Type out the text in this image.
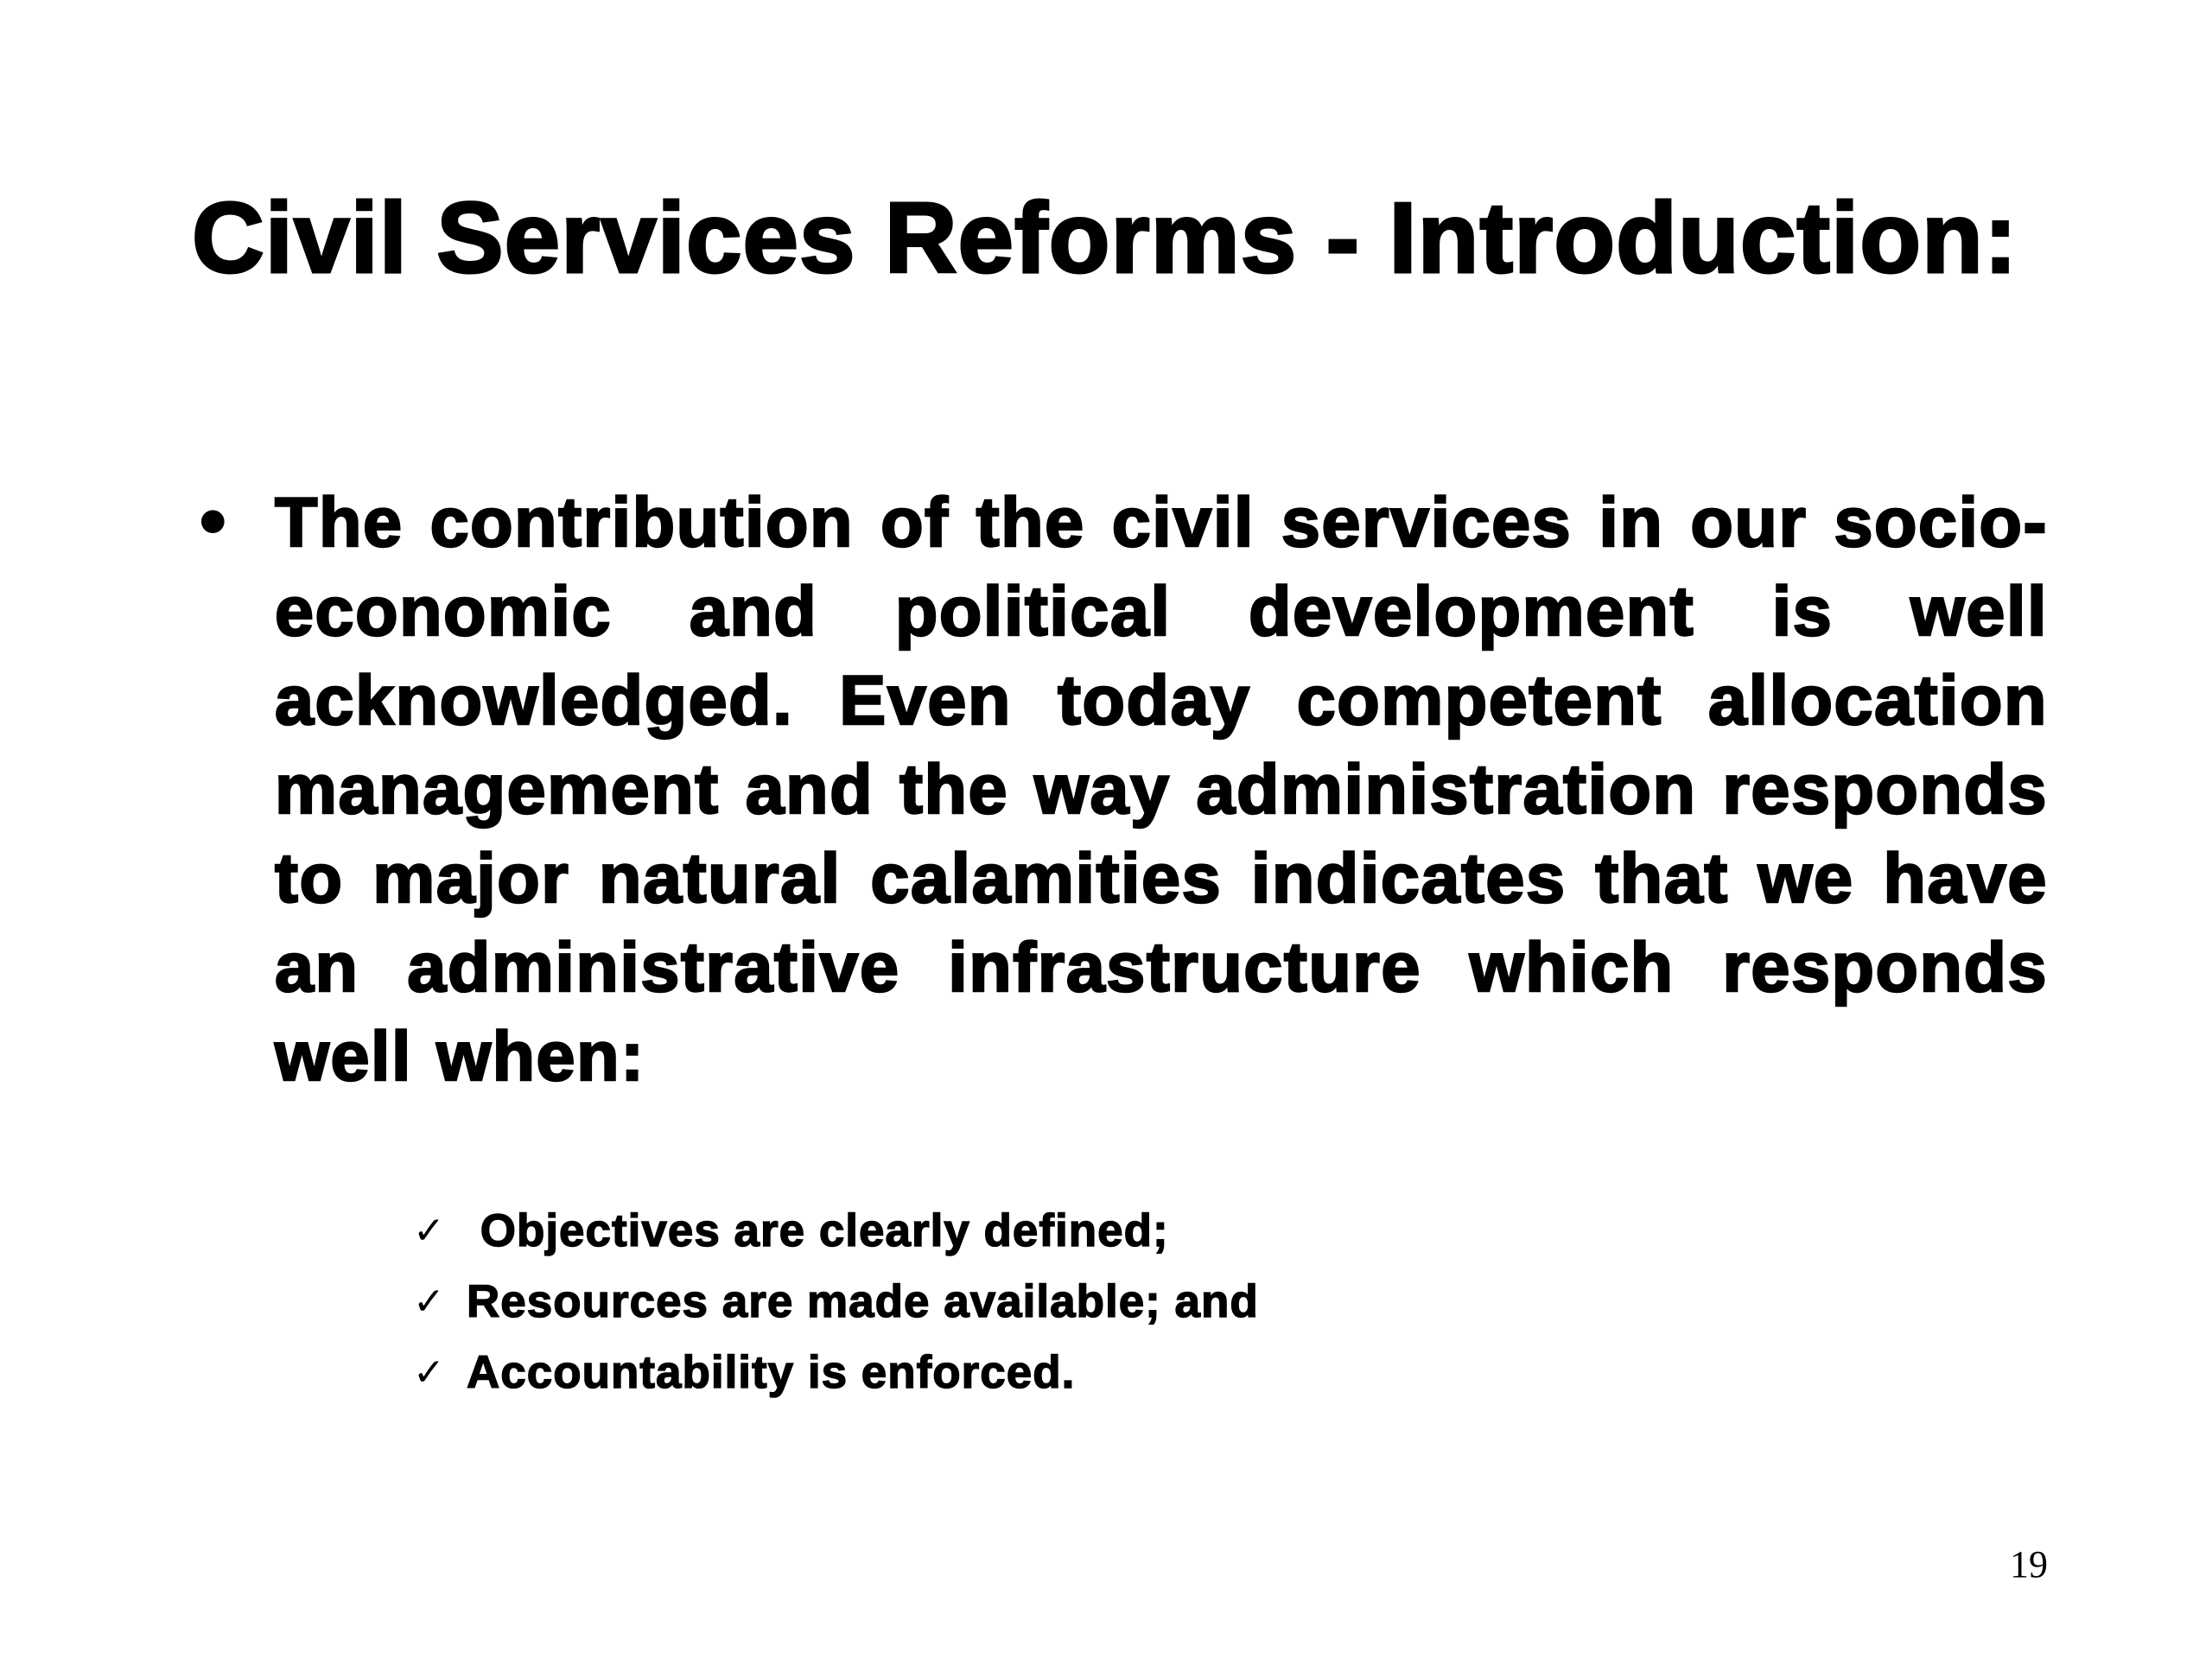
Civil Services Reforms - Introduction:
• The contribution of the civil services in our socio-economic and political development is well acknowledged. Even today competent allocation management and the way administration responds to major natural calamities indicates that we have an administrative infrastructure which responds well when:
✓ Objectives are clearly defined;
✓ Resources are made available; and
✓ Accountability is enforced.
19
